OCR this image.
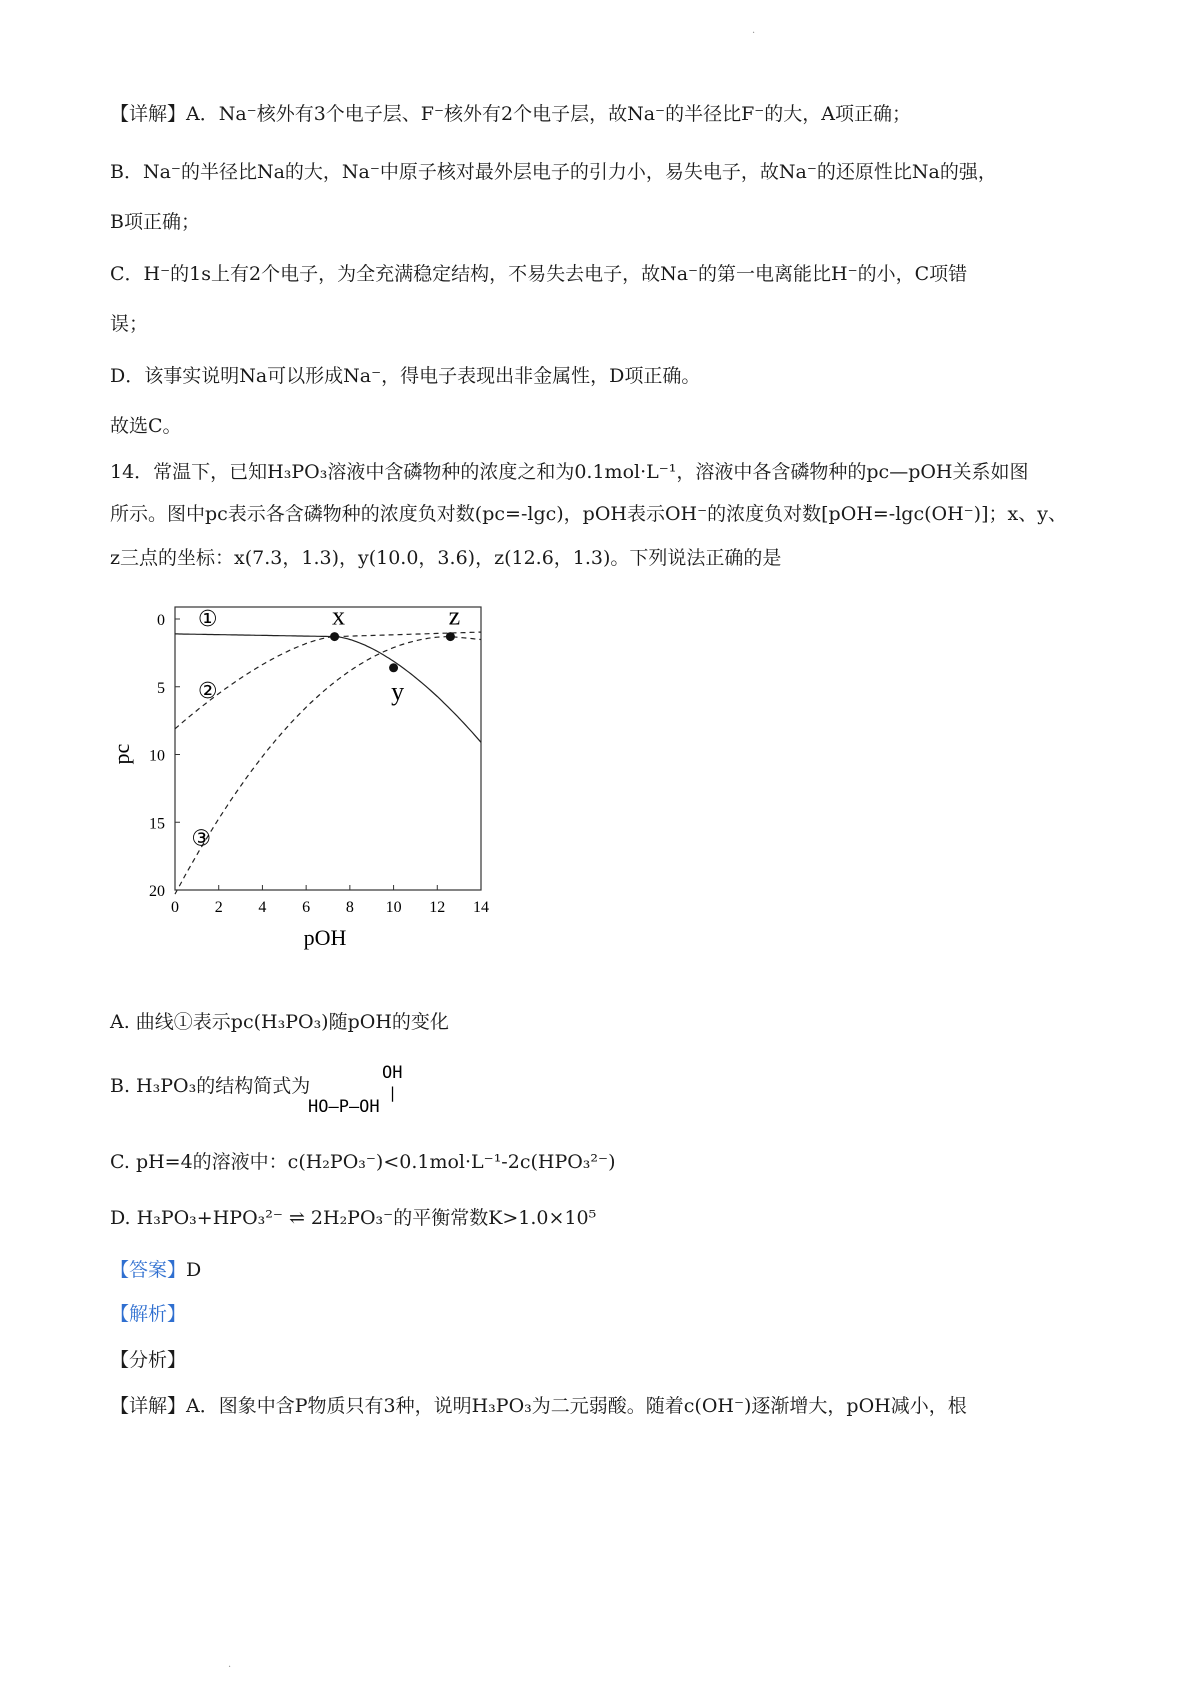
·
【详解】A．Na⁻核外有3个电子层、F⁻核外有2个电子层，故Na⁻的半径比F⁻的大，A项正确；
B．Na⁻的半径比Na的大，Na⁻中原子核对最外层电子的引力小，易失电子，故Na⁻的还原性比Na的强，
B项正确；
C．H⁻的1s上有2个电子，为全充满稳定结构，不易失去电子，故Na⁻的第一电离能比H⁻的小，C项错
误；
D．该事实说明Na可以形成Na⁻，得电子表现出非金属性，D项正确。
故选C。
14．常温下，已知H₃PO₃溶液中含磷物种的浓度之和为0.1mol·L⁻¹，溶液中各含磷物种的pc—pOH关系如图
所示。图中pc表示各含磷物种的浓度负对数(pc=-lgc)，pOH表示OH⁻的浓度负对数[pOH=-lgc(OH⁻)]；x、y、
z三点的坐标：x(7.3，1.3)，y(10.0，3.6)，z(12.6，1.3)。下列说法正确的是
①
②
③
0 2 4 6 8 10 12 14
0
5
10
15
20
x
y
z
pc
pOH
A. 曲线①表示pc(H₃PO₃)随pOH的变化
B. H₃PO₃的结构简式为
OH
|
HO—P—OH
C. pH=4的溶液中：c(H₂PO₃⁻)<0.1mol·L⁻¹-2c(HPO₃²⁻)
D. H₃PO₃+HPO₃²⁻ ⇌ 2H₂PO₃⁻的平衡常数K>1.0×10⁵
【答案】D
【解析】
【分析】
【详解】A．图象中含P物质只有3种，说明H₃PO₃为二元弱酸。随着c(OH⁻)逐渐增大，pOH减小，根
·
